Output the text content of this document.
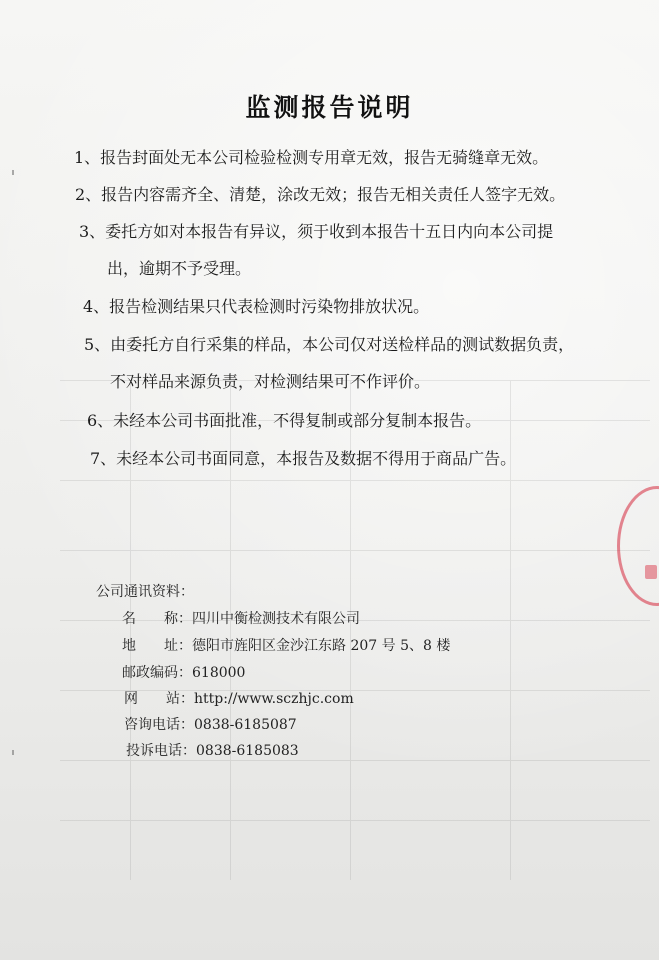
监测报告说明
1、报告封面处无本公司检验检测专用章无效，报告无骑缝章无效。
2、报告内容需齐全、清楚，涂改无效；报告无相关责任人签字无效。
3、委托方如对本报告有异议，须于收到本报告十五日内向本公司提
出，逾期不予受理。
4、报告检测结果只代表检测时污染物排放状况。
5、由委托方自行采集的样品，本公司仅对送检样品的测试数据负责，
不对样品来源负责，对检测结果可不作评价。
6、未经本公司书面批准，不得复制或部分复制本报告。
7、未经本公司书面同意，本报告及数据不得用于商品广告。
公司通讯资料：
名　　称：四川中衡检测技术有限公司
地　　址：德阳市旌阳区金沙江东路 207 号 5、8 楼
邮政编码：618000
网　　站：http://www.sczhjc.com
咨询电话：0838-6185087
投诉电话：0838-6185083
